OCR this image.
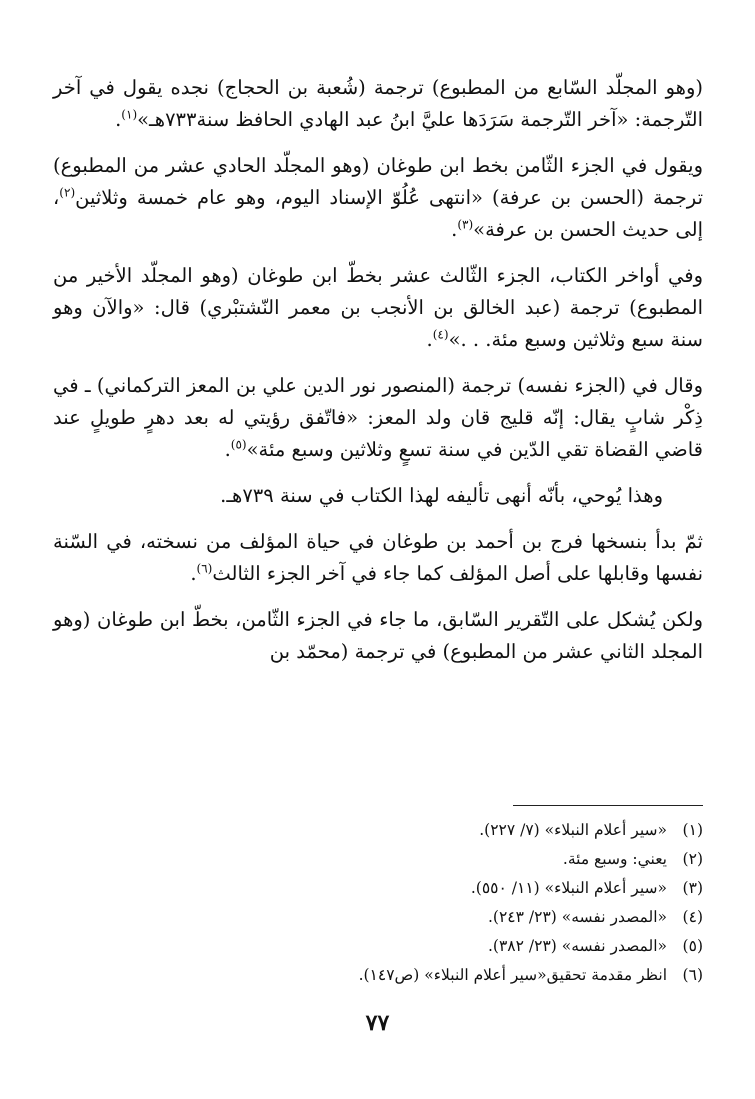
(وهو المجلّد السّابع من المطبوع) ترجمة (شُعبة بن الحجاج) نجده يقول في آخر التّرجمة: «آخر التّرجمة سَرَدَها عليَّ ابنُ عبد الهادي الحافظ سنة٧٣٣هـ»$^{(١)}$.

ويقول في الجزء الثّامن بخط ابن طوغان (وهو المجلّد الحادي عشر من المطبوع) ترجمة (الحسن بن عرفة) «انتهى عُلُوّ الإسناد اليوم، وهو عام خمسة وثلاثين$^{(٢)}$، إلى حديث الحسن بن عرفة»$^{(٣)}$.

وفي أواخر الكتاب، الجزء الثّالث عشر بخطّ ابن طوغان (وهو المجلّد الأخير من المطبوع) ترجمة (عبد الخالق بن الأنجب بن معمر النّشتبْري) قال: «والآن وهو سنة سبع وثلاثين وسبع مئة. . .»$^{(٤)}$.

وقال في (الجزء نفسه) ترجمة (المنصور نور الدين علي بن المعز التركماني) ـ في ذِكْر شابٍ يقال: إنّه قليج قان ولد المعز: «فاتّفق رؤيتي له بعد دهرٍ طويلٍ عند قاضي القضاة تقي الدّين في سنة تسعٍ وثلاثين وسبع مئة»$^{(٥)}$.

وهذا يُوحي، بأنّه أنهى تأليفه لهذا الكتاب في سنة ٧٣٩هـ.

ثمّ بدأ بنسخها فرج بن أحمد بن طوغان في حياة المؤلف من نسخته، في السّنة نفسها وقابلها على أصل المؤلف كما جاء في آخر الجزء الثالث$^{(٦)}$.

ولكن يُشكل على التّقرير السّابق، ما جاء في الجزء الثّامن، بخطّ ابن طوغان (وهو المجلد الثاني عشر من المطبوع) في ترجمة (محمّد بن

(١)
«سير أعلام النبلاء» (٧/ ٢٢٧).
(٢)
يعني: وسبع مئة.
(٣)
«سير أعلام النبلاء» (١١/ ٥٥٠).
(٤)
«المصدر نفسه» (٢٣/ ٢٤٣).
(٥)
«المصدر نفسه» (٢٣/ ٣٨٢).
(٦)
انظر مقدمة تحقيق«سير أعلام النبلاء» (ص١٤٧).
٧٧
